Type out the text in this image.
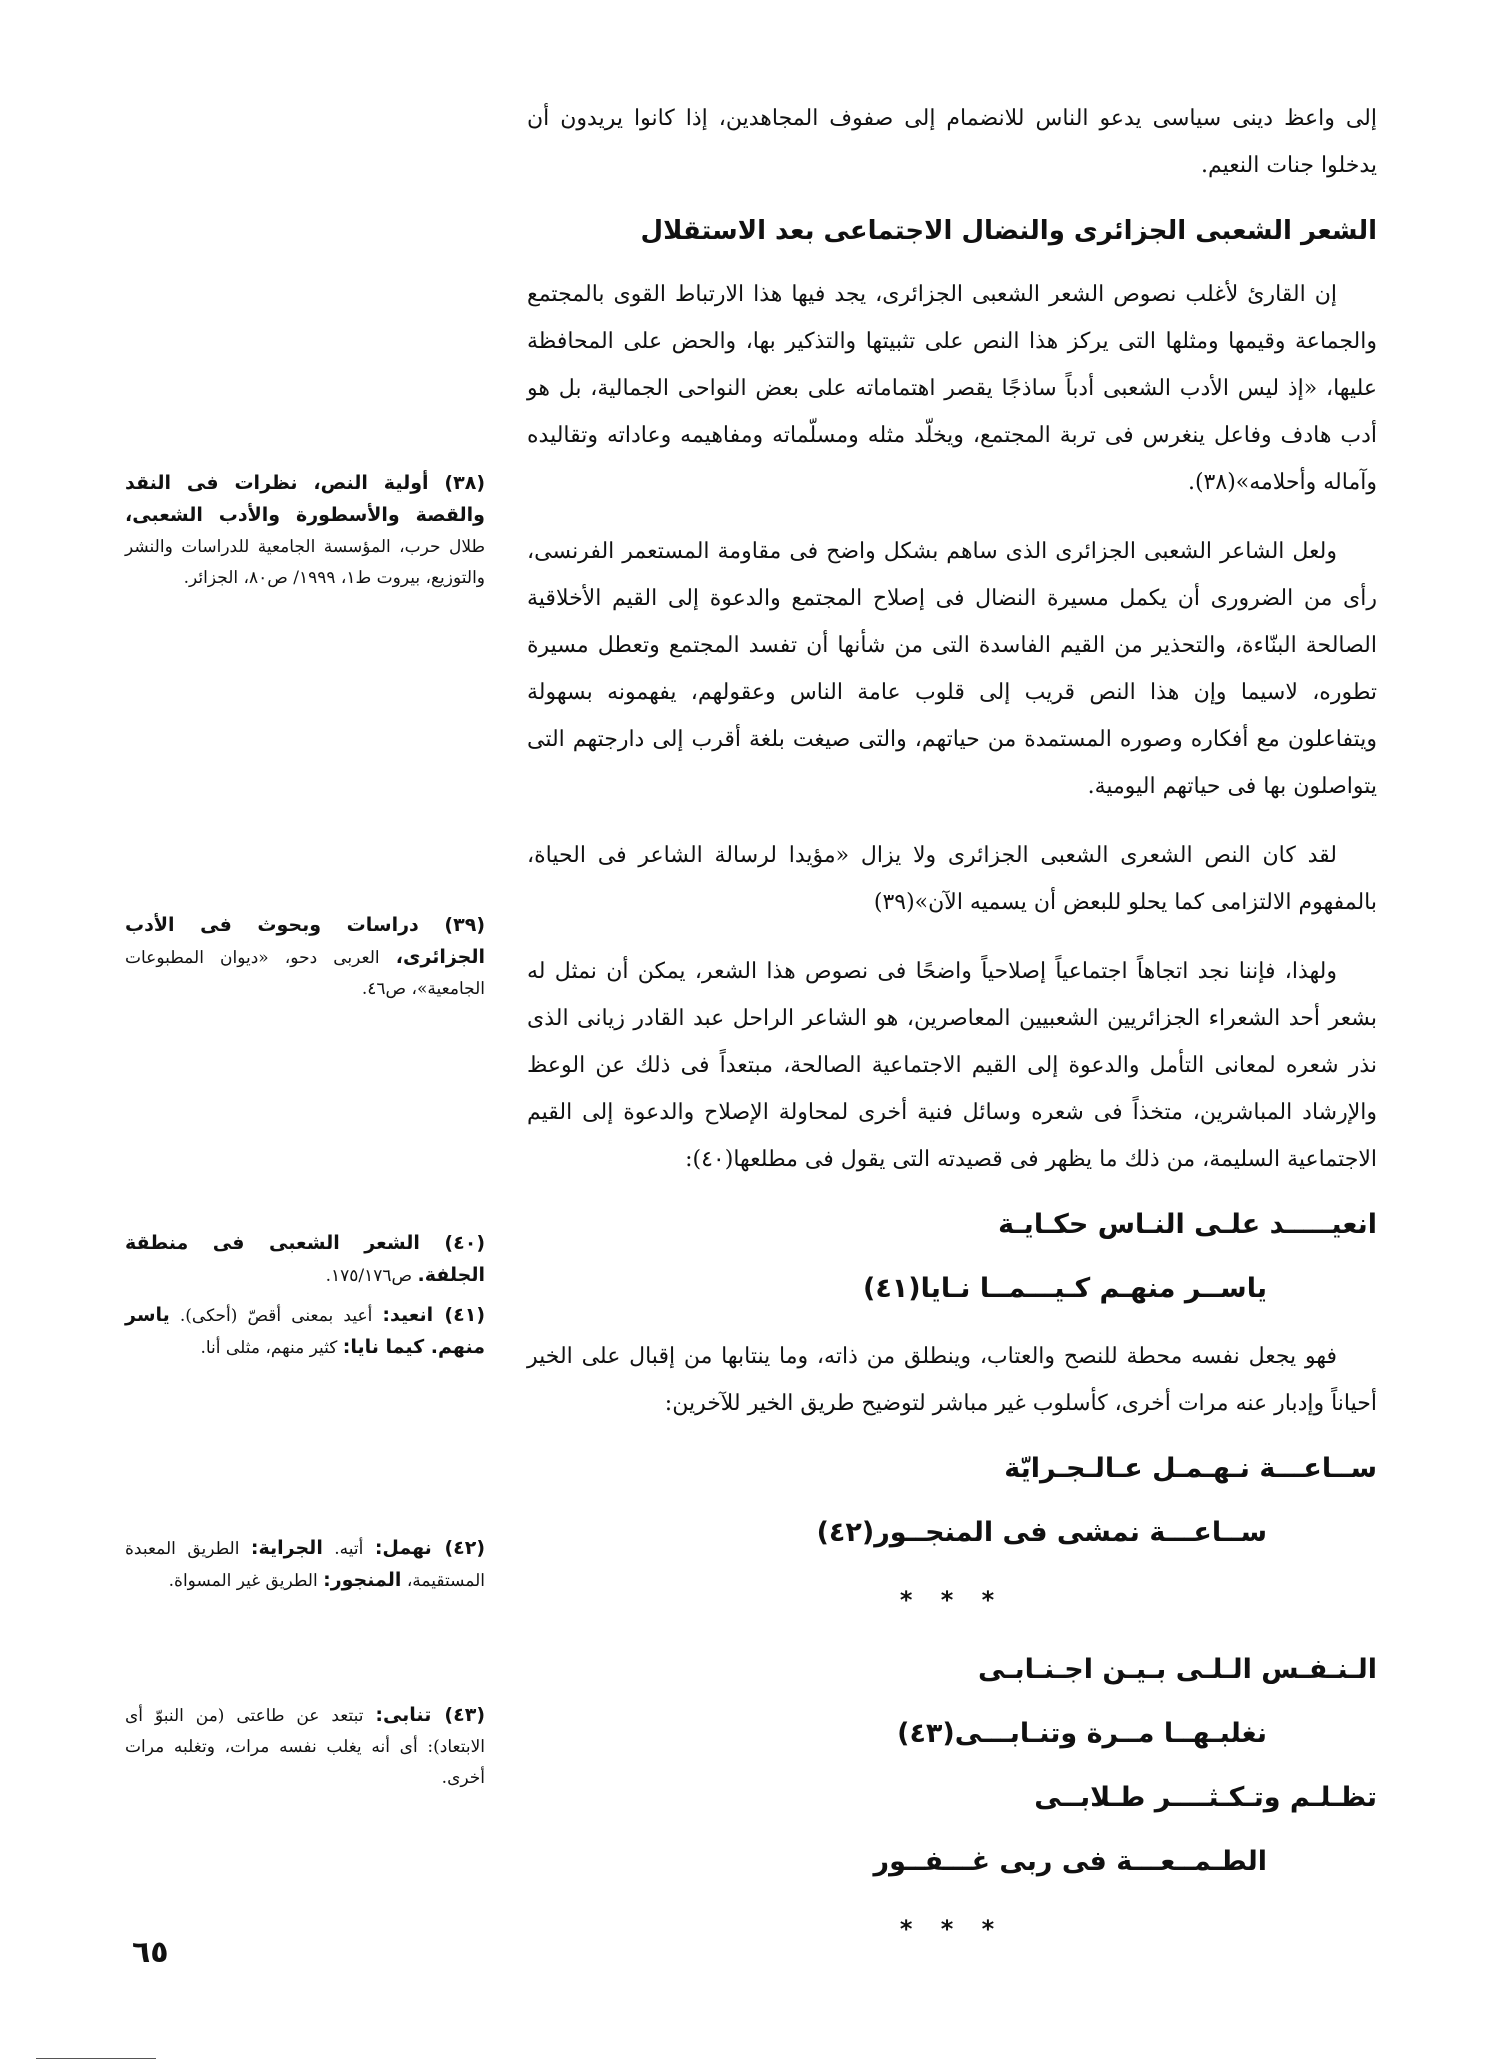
إلى واعظ دينى سياسى يدعو الناس للانضمام إلى صفوف المجاهدين، إذا كانوا يريدون أن يدخلوا جنات النعيم.

الشعر الشعبى الجزائرى والنضال الاجتماعى بعد الاستقلال

إن القارئ لأغلب نصوص الشعر الشعبى الجزائرى، يجد فيها هذا الارتباط القوى بالمجتمع والجماعة وقيمها ومثلها التى يركز هذا النص على تثبيتها والتذكير بها، والحض على المحافظة عليها، «إذ ليس الأدب الشعبى أدباً ساذجًا يقصر اهتماماته على بعض النواحى الجمالية، بل هو أدب هادف وفاعل ينغرس فى تربة المجتمع، ويخلّد مثله ومسلّماته ومفاهيمه وعاداته وتقاليده وآماله وأحلامه»(٣٨).

ولعل الشاعر الشعبى الجزائرى الذى ساهم بشكل واضح فى مقاومة المستعمر الفرنسى، رأى من الضرورى أن يكمل مسيرة النضال فى إصلاح المجتمع والدعوة إلى القيم الأخلاقية الصالحة البنّاءة، والتحذير من القيم الفاسدة التى من شأنها أن تفسد المجتمع وتعطل مسيرة تطوره، لاسيما وإن هذا النص قريب إلى قلوب عامة الناس وعقولهم، يفهمونه بسهولة ويتفاعلون مع أفكاره وصوره المستمدة من حياتهم، والتى صيغت بلغة أقرب إلى دارجتهم التى يتواصلون بها فى حياتهم اليومية.

لقد كان النص الشعرى الشعبى الجزائرى ولا يزال «مؤيدا لرسالة الشاعر فى الحياة، بالمفهوم الالتزامى كما يحلو للبعض أن يسميه الآن»(٣٩)

ولهذا، فإننا نجد اتجاهاً اجتماعياً إصلاحياً واضحًا فى نصوص هذا الشعر، يمكن أن نمثل له بشعر أحد الشعراء الجزائريين الشعبيين المعاصرين، هو الشاعر الراحل عبد القادر زيانى الذى نذر شعره لمعانى التأمل والدعوة إلى القيم الاجتماعية الصالحة، مبتعداً فى ذلك عن الوعظ والإرشاد المباشرين، متخذاً فى شعره وسائل فنية أخرى لمحاولة الإصلاح والدعوة إلى القيم الاجتماعية السليمة، من ذلك ما يظهر فى قصيدته التى يقول فى مطلعها(٤٠):

انعيـــــد علـى النـاس حكـايـة
ياســر منهـم كـيـــمــا نـايا(٤١)

فهو يجعل نفسه محطة للنصح والعتاب، وينطلق من ذاته، وما ينتابها من إقبال على الخير أحياناً وإدبار عنه مرات أخرى، كأسلوب غير مباشر لتوضيح طريق الخير للآخرين:

ســاعـــة نـهـمـل عـالـجـرايّة
ســاعـــة نمشى فى المنجــور(٤٢)
* * *
الـنـفـس الـلـى بـيـن اجـنـابـى
نغلبـهــا مــرة وتنـابـــى(٤٣)
تظـلـم وتـكـثــــر طـلابــى
الطـمــعـــة فى ربى غـــفــور
* * *
(٣٨) أولية النص، نظرات فى النقد والقصة والأسطورة والأدب الشعبى، طلال حرب، المؤسسة الجامعية للدراسات والنشر والتوزيع، بيروت ط١، ١٩٩٩/ ص٨٠، الجزائر.
(٣٩) دراسات وبحوث فى الأدب الجزائرى، العربى دحو، «ديوان المطبوعات الجامعية»، ص٤٦.
(٤٠) الشعر الشعبى فى منطقة الجلفة. ص١٧٥/١٧٦.
(٤١) انعيد: أعيد بمعنى أقصّ (أحكى). ياسر منهم. كيما نايا: كثير منهم، مثلى أنا.
(٤٢) نهمل: أتيه. الجراية: الطريق المعبدة المستقيمة، المنجور: الطريق غير المسواة.
(٤٣) تنابى: تبتعد عن طاعتى (من النبوّ أى الابتعاد): أى أنه يغلب نفسه مرات، وتغلبه مرات أخرى.
٦٥
